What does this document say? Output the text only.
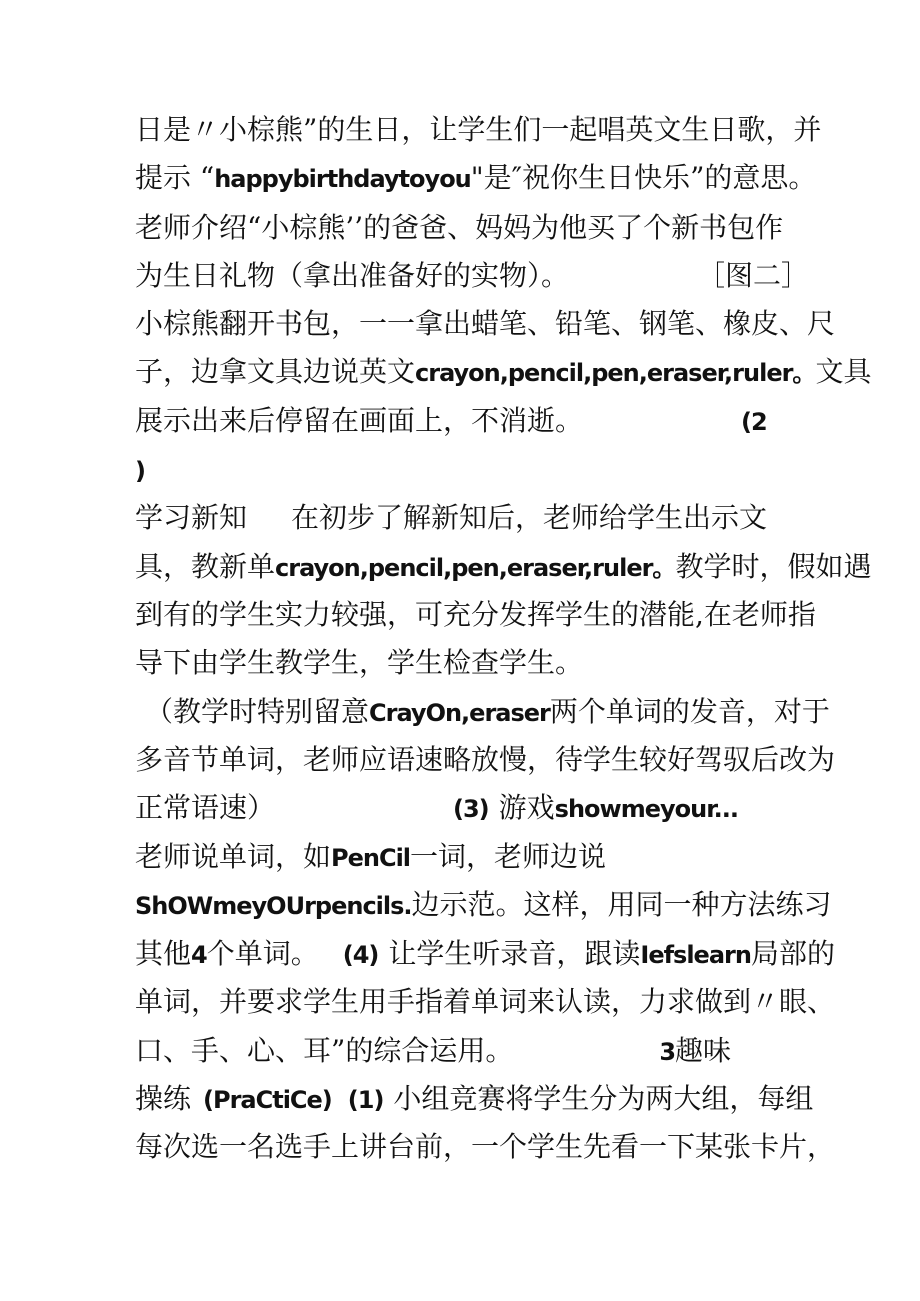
日是〃小棕熊”的生日，让学生们一起唱英文生日歌，并
提示 “happybirthdaytoyou"是″祝你生日快乐”的意思。
老师介绍“小棕熊’’的爸爸、妈妈为他买了个新书包作
为生日礼物（拿出准备好的实物）。	［图二］
小棕熊翻开书包，一一拿出蜡笔、铅笔、钢笔、橡皮、尺
子，边拿文具边说英文crayon,pencil,pen,eraser,ruler。文具
展示出来后停留在画面上，不消逝。	(2
)
学习新知 在初步了解新知后，老师给学生出示文
具，教新单crayon,pencil,pen,eraser,ruler。教学时，假如遇
到有的学生实力较强，可充分发挥学生的潜能,在老师指
导下由学生教学生，学生检查学生。
（教学时特别留意CrayOn,eraser两个单词的发音，对于
多音节单词，老师应语速略放慢，待学生较好驾驭后改为
正常语速）	(3) 游戏showmeyour...
老师说单词，如PenCil一词，老师边说
ShOWmeyOUrpencils.边示范。这样，用同一种方法练习
其他4个单词。 (4) 让学生听录音，跟读Iefslearn局部的
单词，并要求学生用手指着单词来认读，力求做到〃眼、
口、手、心、耳”的综合运用。	3趣味
操练 (PraCtiCe) (1) 小组竞赛将学生分为两大组，每组
每次选一名选手上讲台前，一个学生先看一下某张卡片，
